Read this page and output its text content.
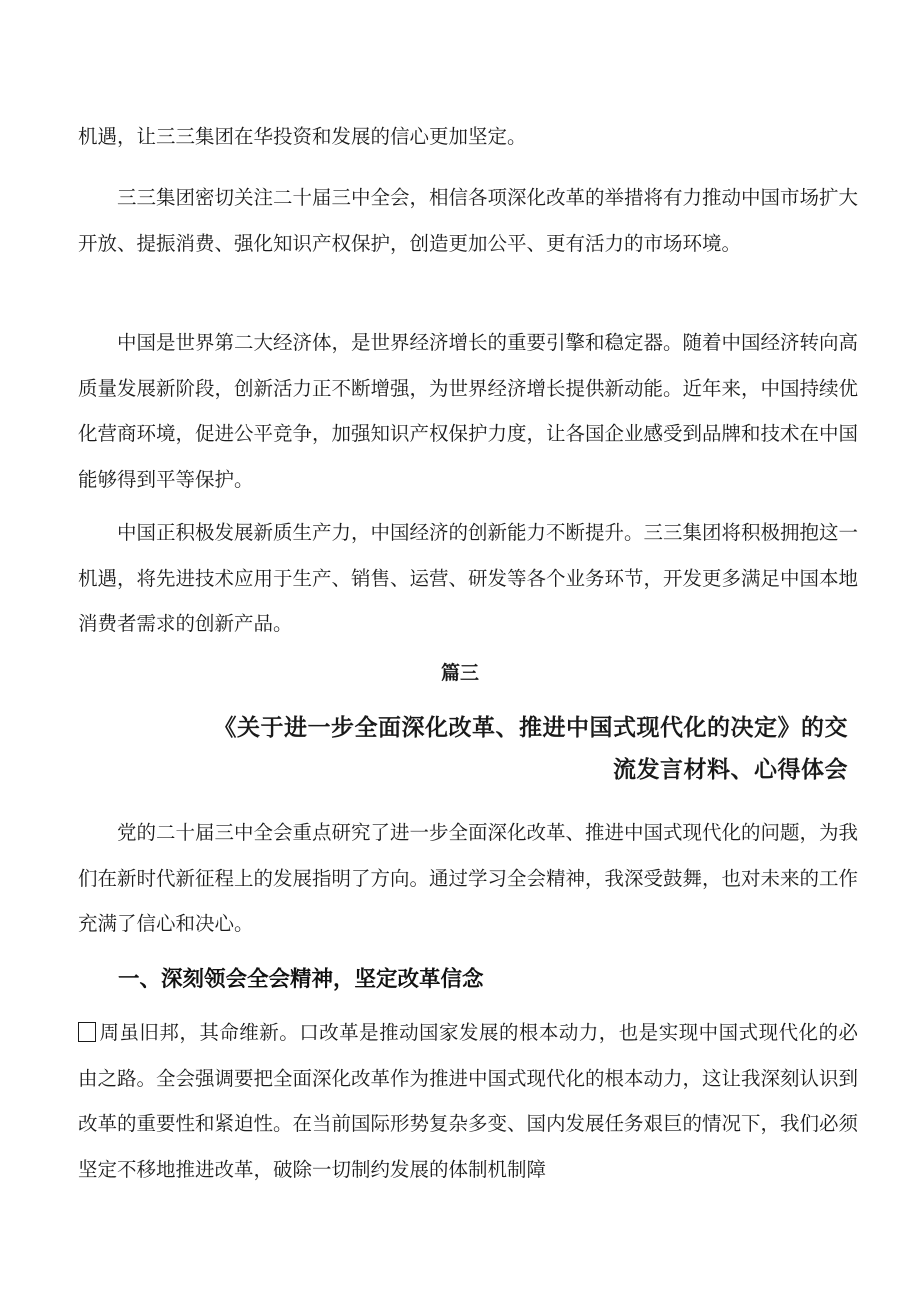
机遇，让三三集团在华投资和发展的信心更加坚定。

三三集团密切关注二十届三中全会，相信各项深化改革的举措将有力推动中国市场扩大开放、提振消费、强化知识产权保护，创造更加公平、更有活力的市场环境。

中国是世界第二大经济体，是世界经济增长的重要引擎和稳定器。随着中国经济转向高质量发展新阶段，创新活力正不断增强，为世界经济增长提供新动能。近年来，中国持续优化营商环境，促进公平竞争，加强知识产权保护力度，让各国企业感受到品牌和技术在中国能够得到平等保护。

中国正积极发展新质生产力，中国经济的创新能力不断提升。三三集团将积极拥抱这一机遇，将先进技术应用于生产、销售、运营、研发等各个业务环节，开发更多满足中国本地消费者需求的创新产品。

篇三

《关于进一步全面深化改革、推进中国式现代化的决定》的交
流发言材料、心得体会

党的二十届三中全会重点研究了进一步全面深化改革、推进中国式现代化的问题，为我们在新时代新征程上的发展指明了方向。通过学习全会精神，我深受鼓舞，也对未来的工作充满了信心和决心。

一、深刻领会全会精神，坚定改革信念

周虽旧邦，其命维新。口改革是推动国家发展的根本动力，也是实现中国式现代化的必由之路。全会强调要把全面深化改革作为推进中国式现代化的根本动力，这让我深刻认识到改革的重要性和紧迫性。在当前国际形势复杂多变、国内发展任务艰巨的情况下，我们必须坚定不移地推进改革，破除一切制约发展的体制机制障
